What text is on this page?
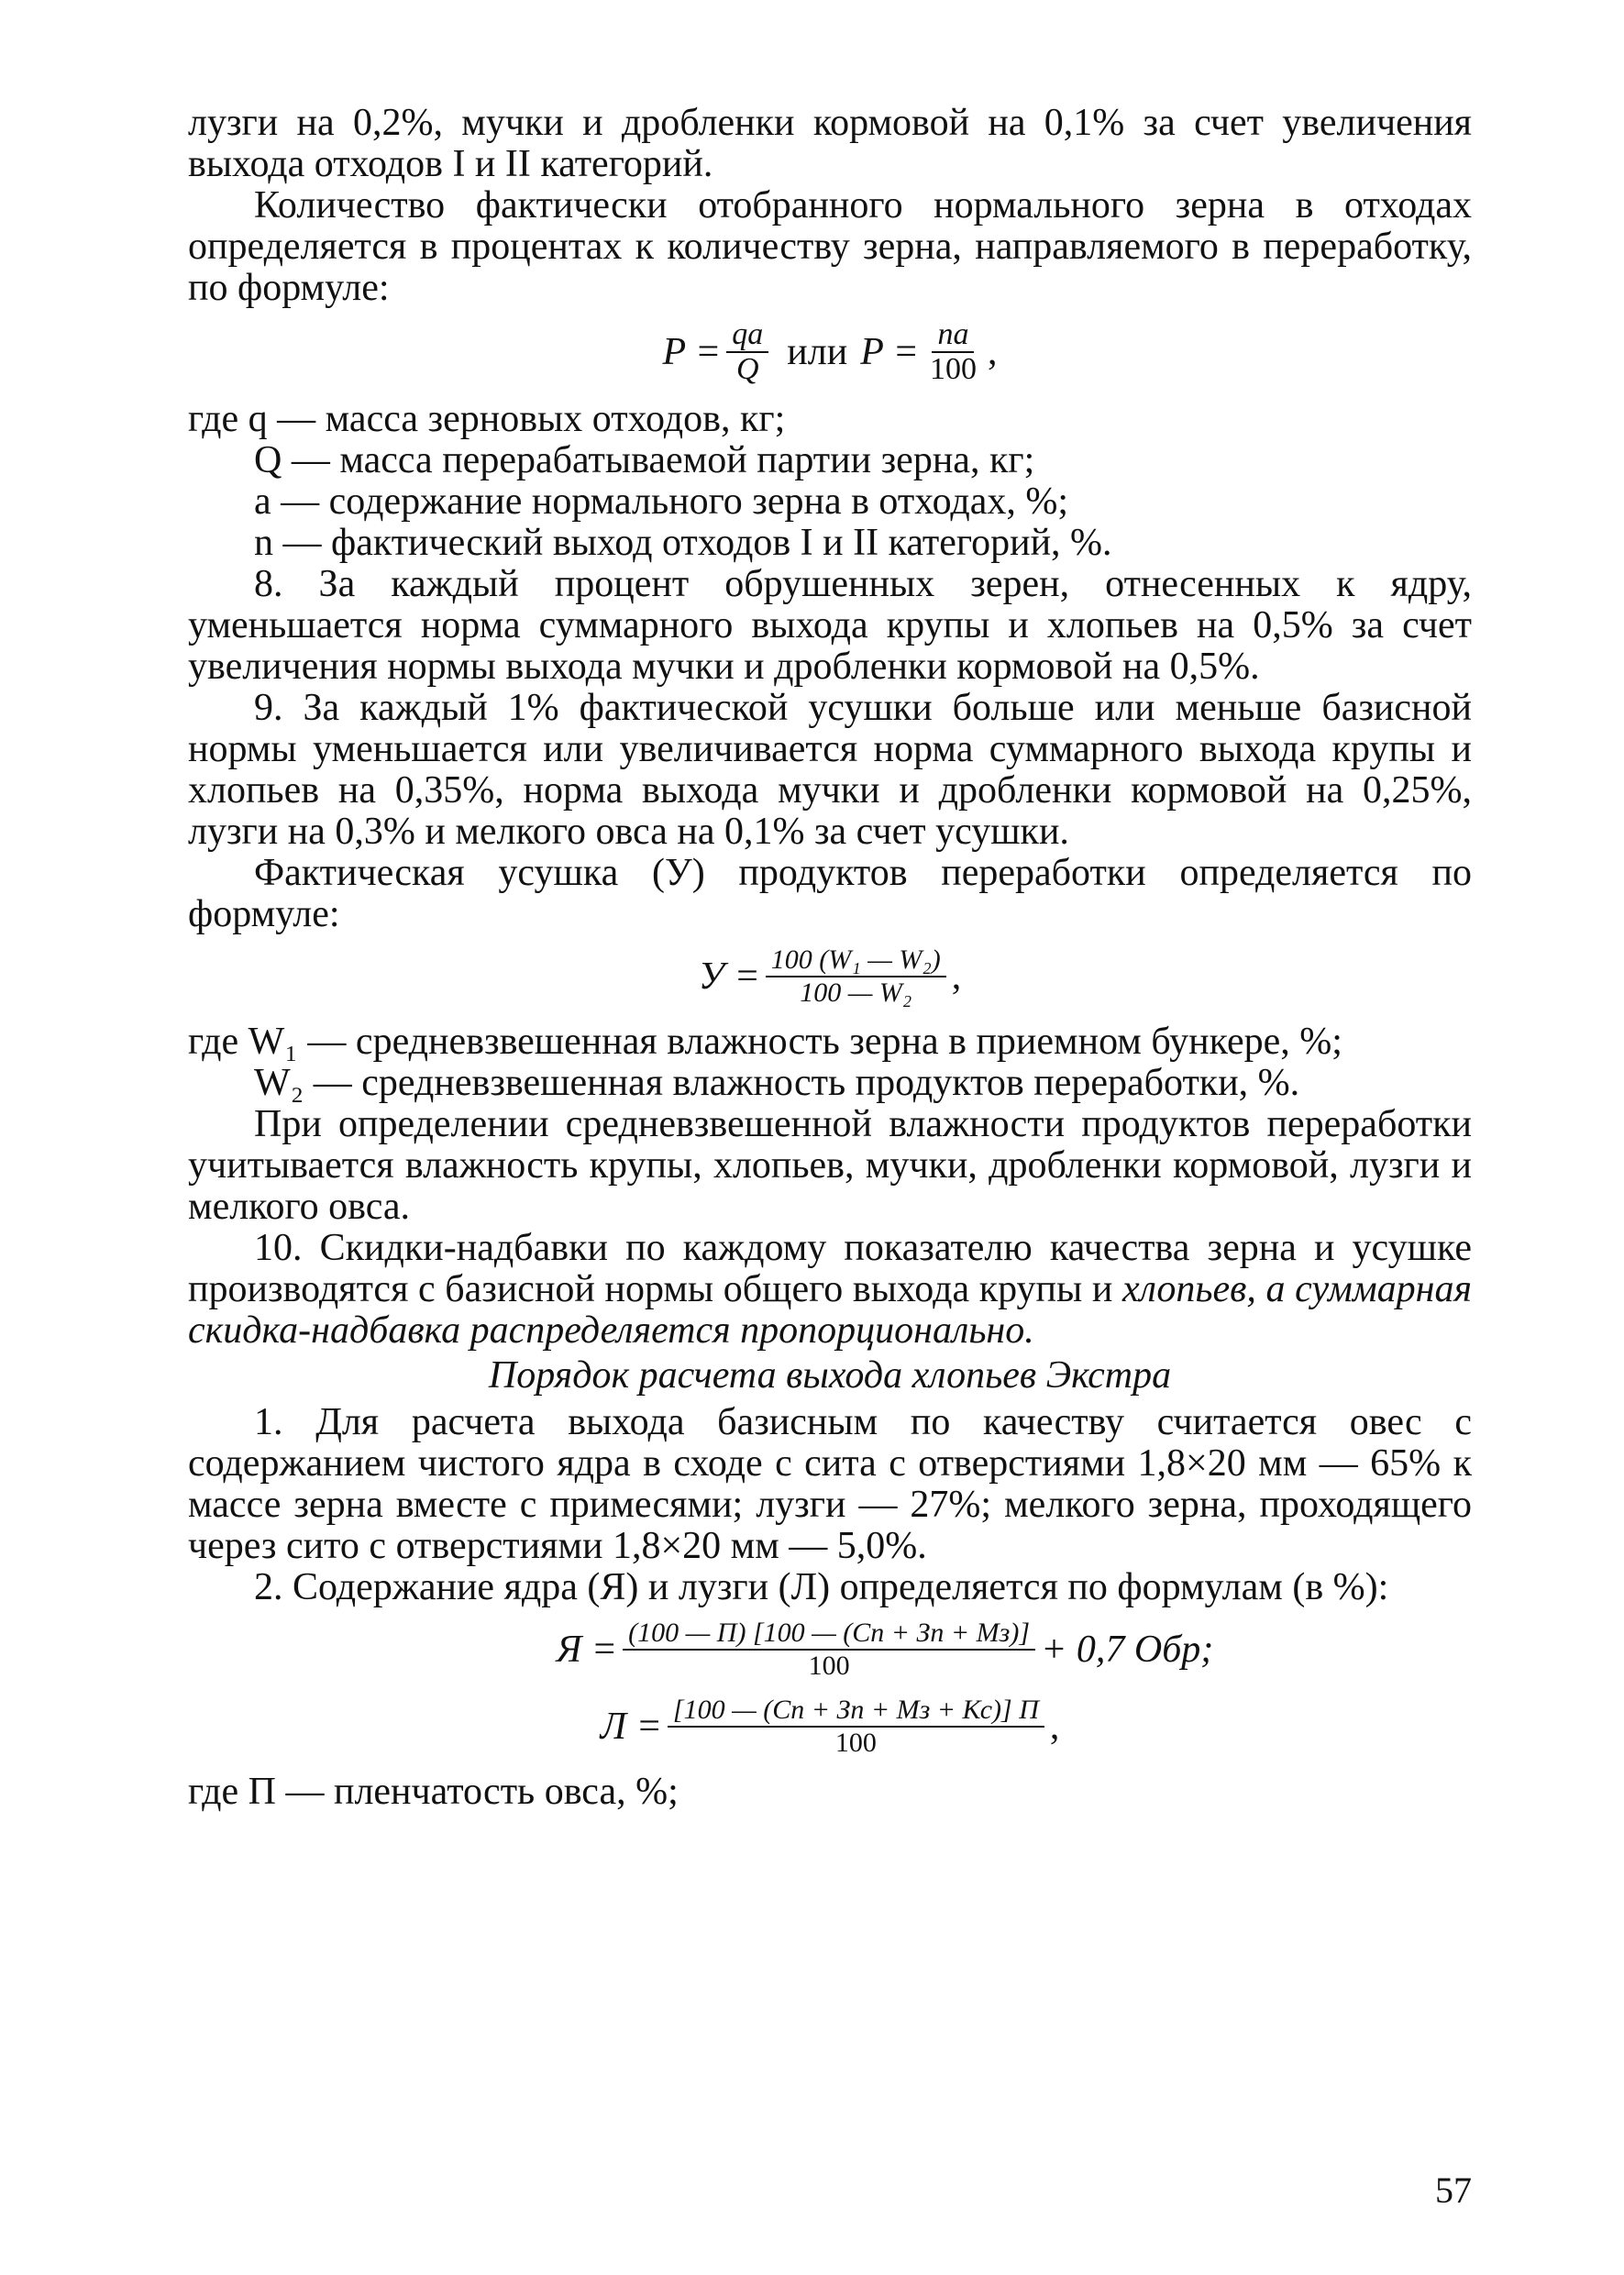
лузги на 0,2%, мучки и дробленки кормовой на 0,1% за счет увеличения выхода отходов I и II категорий.

Количество фактически отобранного нормального зерна в отходах определяется в процентах к количеству зерна, направляемого в переработку, по формуле:

$P = \frac{qa}{Q}$ или $P = \frac{na}{100}$ ,
где q — масса зерновых отходов, кг;
Q — масса перерабатываемой партии зерна, кг;
a — содержание нормального зерна в отходах, %;
n — фактический выход отходов I и II категорий, %.

8. За каждый процент обрушенных зерен, отнесенных к ядру, уменьшается норма суммарного выхода крупы и хлопьев на 0,5% за счет увеличения нормы выхода мучки и дробленки кормовой на 0,5%.

9. За каждый 1% фактической усушки больше или меньше базисной нормы уменьшается или увеличивается норма суммарного выхода крупы и хлопьев на 0,35%, норма выхода мучки и дробленки кормовой на 0,25%, лузги на 0,3% и мелкого овса на 0,1% за счет усушки.

Фактическая усушка (У) продуктов переработки определяется по формуле:

$У = \frac{\text{100 (W₁ — W₂)}}{\text{100 — W₂}}$ ,
где W₁ — средневзвешенная влажность зерна в приемном бункере, %;
W₂ — средневзвешенная влажность продуктов переработки, %.

При определении средневзвешенной влажности продуктов переработки учитывается влажность крупы, хлопьев, мучки, дробленки кормовой, лузги и мелкого овса.

10. Скидки-надбавки по каждому показателю качества зерна и усушке производятся с базисной нормы общего выхода крупы и хлопьев, а суммарная скидка-надбавка распределяется пропорционально.

Порядок расчета выхода хлопьев Экстра

1. Для расчета выхода базисным по качеству считается овес с содержанием чистого ядра в сходе с сита с отверстиями 1,8×20 мм — 65% к массе зерна вместе с примесями; лузги — 27%; мелкого зерна, проходящего через сито с отверстиями 1,8×20 мм — 5,0%.

2. Содержание ядра (Я) и лузги (Л) определяется по формулам (в %):

$Я = \frac{(100 — П) [100 — (Сп + Зп + Мз)]}{100} + 0,7$ Обр;
$Л = \frac{[100 — (Сп + Зп + Мз + Кс)] П}{100}$ ,

где П — пленчатость овса, %;

57
